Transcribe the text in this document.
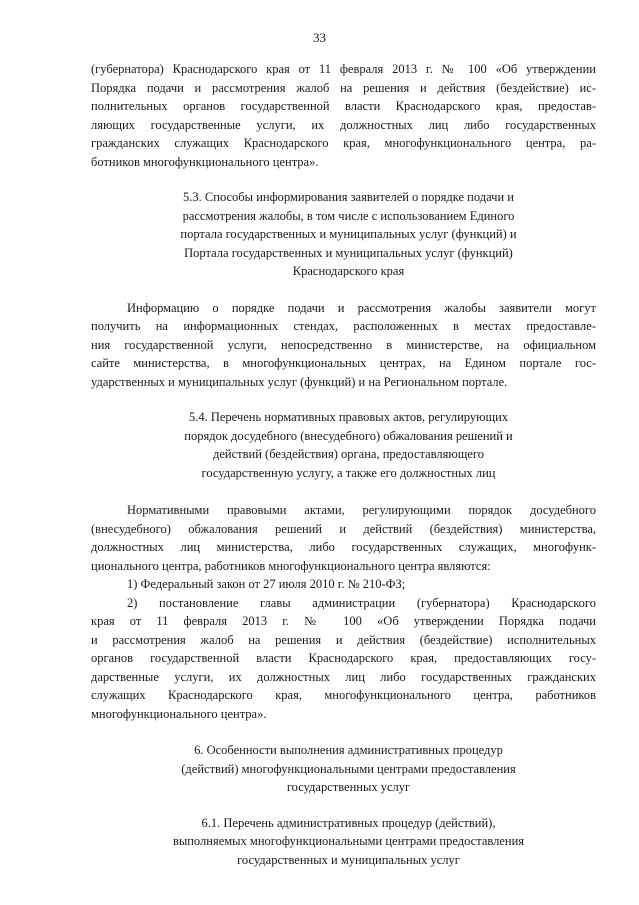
33

(губернатора) Краснодарского края от 11 февраля 2013 г. № 100 «Об утверждении
Порядка подачи и рассмотрения жалоб на решения и действия (бездействие) ис-
полнительных органов государственной власти Краснодарского края, предостав-
ляющих государственные услуги, их должностных лиц либо государственных
гражданских служащих Краснодарского края, многофункционального центра, ра-
ботников многофункционального центра».

5.3. Способы информирования заявителей о порядке подачи и
рассмотрения жалобы, в том числе с использованием Единого
портала государственных и муниципальных услуг (функций) и
Портала государственных и муниципальных услуг (функций)
Краснодарского края

Информацию о порядке подачи и рассмотрения жалобы заявители могут
получить на информационных стендах, расположенных в местах предоставле-
ния государственной услуги, непосредственно в министерстве, на официальном
сайте министерства, в многофункциональных центрах, на Едином портале гос-
ударственных и муниципальных услуг (функций) и на Региональном портале.

5.4. Перечень нормативных правовых актов, регулирующих
порядок досудебного (внесудебного) обжалования решений и
действий (бездействия) органа, предоставляющего
государственную услугу, а также его должностных лиц

Нормативными правовыми актами, регулирующими порядок досудебного
(внесудебного) обжалования решений и действий (бездействия) министерства,
должностных лиц министерства, либо государственных служащих, многофунк-
ционального центра, работников многофункционального центра являются:

1) Федеральный закон от 27 июля 2010 г. № 210-ФЗ;

2) постановление главы администрации (губернатора) Краснодарского
края от 11 февраля 2013 г. № 100 «Об утверждении Порядка подачи
и рассмотрения жалоб на решения и действия (бездействие) исполнительных
органов государственной власти Краснодарского края, предоставляющих госу-
дарственные услуги, их должностных лиц либо государственных гражданских
служащих Краснодарского края, многофункционального центра, работников
многофункционального центра».

6. Особенности выполнения административных процедур
(действий) многофункциональными центрами предоставления
государственных услуг
6.1. Перечень административных процедур (действий),
выполняемых многофункциональными центрами предоставления
государственных и муниципальных услуг
